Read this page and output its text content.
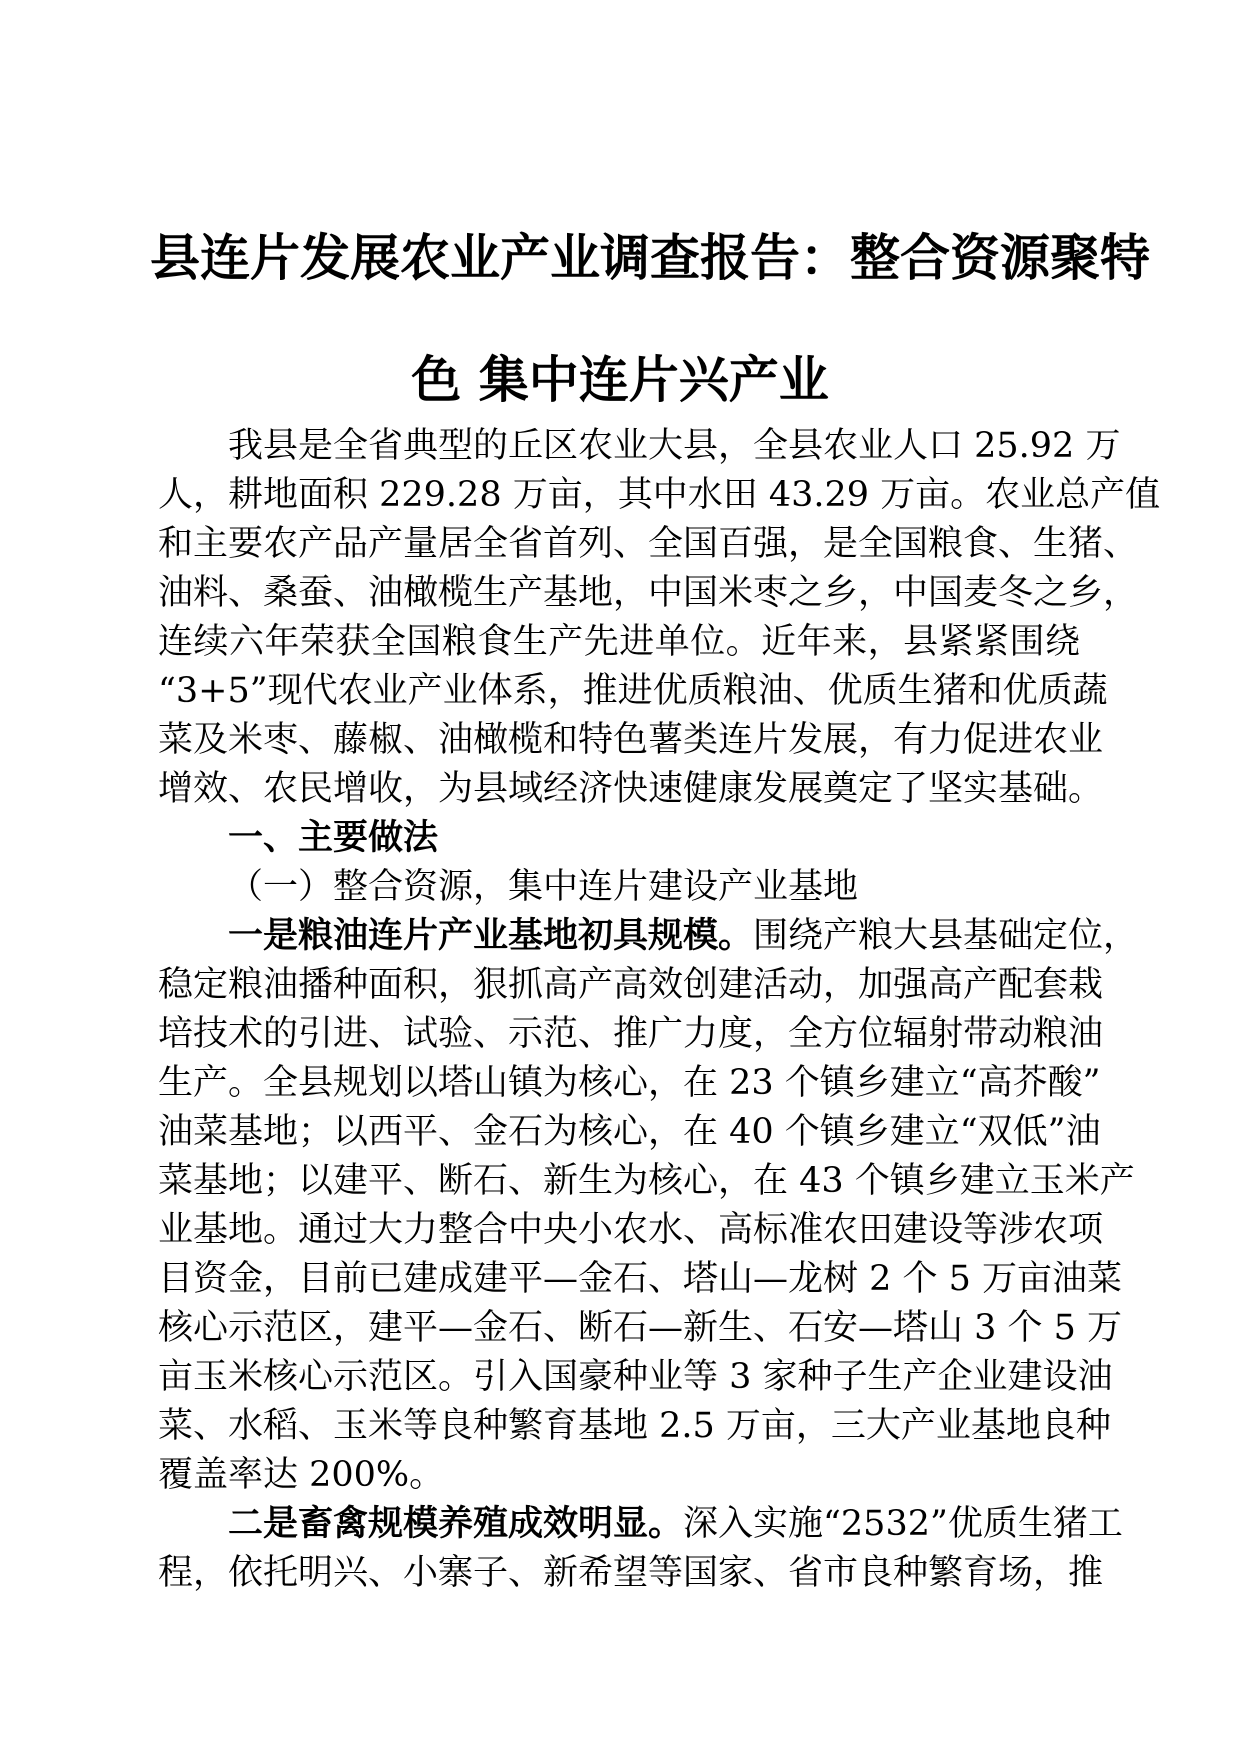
县连片发展农业产业调查报告：整合资源聚特
色 集中连片兴产业
我县是全省典型的丘区农业大县，全县农业人口 25.92 万
人，耕地面积 229.28 万亩，其中水田 43.29 万亩。农业总产值
和主要农产品产量居全省首列、全国百强，是全国粮食、生猪、
油料、桑蚕、油橄榄生产基地，中国米枣之乡，中国麦冬之乡，
连续六年荣获全国粮食生产先进单位。近年来，县紧紧围绕
“3+5”现代农业产业体系，推进优质粮油、优质生猪和优质蔬
菜及米枣、藤椒、油橄榄和特色薯类连片发展，有力促进农业
增效、农民增收，为县域经济快速健康发展奠定了坚实基础。
一、主要做法
（一）整合资源，集中连片建设产业基地
一是粮油连片产业基地初具规模。围绕产粮大县基础定位，
稳定粮油播种面积，狠抓高产高效创建活动，加强高产配套栽
培技术的引进、试验、示范、推广力度，全方位辐射带动粮油
生产。全县规划以塔山镇为核心，在 23 个镇乡建立“高芥酸”
油菜基地；以西平、金石为核心，在 40 个镇乡建立“双低”油
菜基地；以建平、断石、新生为核心，在 43 个镇乡建立玉米产
业基地。通过大力整合中央小农水、高标准农田建设等涉农项
目资金，目前已建成建平—金石、塔山—龙树 2 个 5 万亩油菜
核心示范区，建平—金石、断石—新生、石安—塔山 3 个 5 万
亩玉米核心示范区。引入国豪种业等 3 家种子生产企业建设油
菜、水稻、玉米等良种繁育基地 2.5 万亩，三大产业基地良种
覆盖率达 200%。
二是畜禽规模养殖成效明显。深入实施“2532”优质生猪工
程，依托明兴、小寨子、新希望等国家、省市良种繁育场，推
